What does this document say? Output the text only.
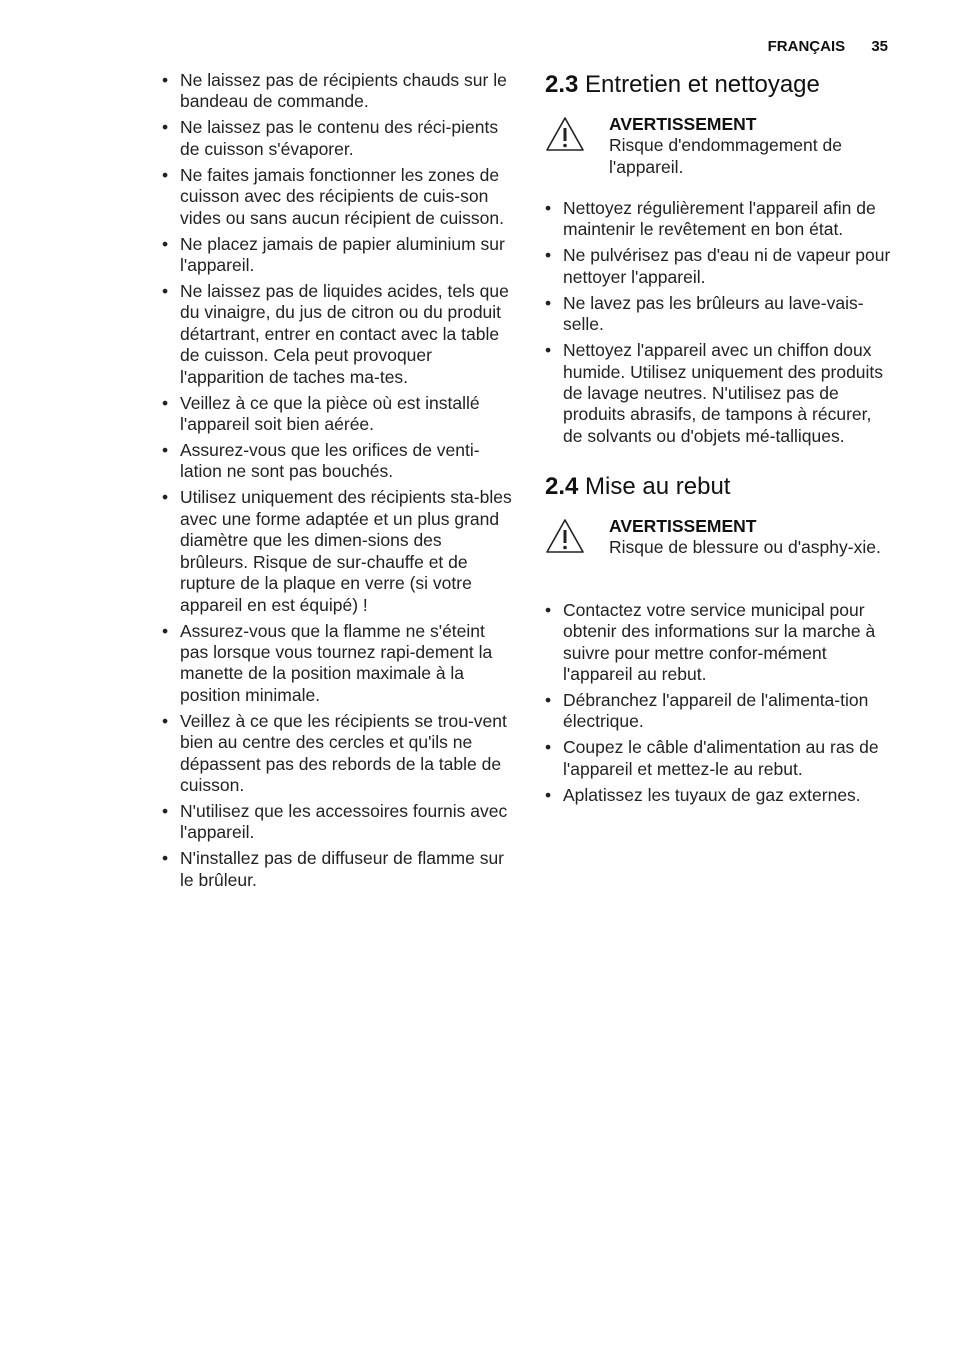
FRANÇAIS 35
• Ne laissez pas de récipients chauds sur le bandeau de commande.
• Ne laissez pas le contenu des réci-pients de cuisson s'évaporer.
• Ne faites jamais fonctionner les zones de cuisson avec des récipients de cuis-son vides ou sans aucun récipient de cuisson.
• Ne placez jamais de papier aluminium sur l'appareil.
• Ne laissez pas de liquides acides, tels que du vinaigre, du jus de citron ou du produit détartrant, entrer en contact avec la table de cuisson. Cela peut provoquer l'apparition de taches ma-tes.
• Veillez à ce que la pièce où est installé l'appareil soit bien aérée.
• Assurez-vous que les orifices de venti-lation ne sont pas bouchés.
• Utilisez uniquement des récipients sta-bles avec une forme adaptée et un plus grand diamètre que les dimen-sions des brûleurs. Risque de sur-chauffe et de rupture de la plaque en verre (si votre appareil en est équipé) !
• Assurez-vous que la flamme ne s'éteint pas lorsque vous tournez rapi-dement la manette de la position maximale à la position minimale.
• Veillez à ce que les récipients se trou-vent bien au centre des cercles et qu'ils ne dépassent pas des rebords de la table de cuisson.
• N'utilisez que les accessoires fournis avec l'appareil.
• N'installez pas de diffuseur de flamme sur le brûleur.
2.3 Entretien et nettoyage
AVERTISSEMENT
Risque d'endommagement de l'appareil.
• Nettoyez régulièrement l'appareil afin de maintenir le revêtement en bon état.
• Ne pulvérisez pas d'eau ni de vapeur pour nettoyer l'appareil.
• Ne lavez pas les brûleurs au lave-vais-selle.
• Nettoyez l'appareil avec un chiffon doux humide. Utilisez uniquement des produits de lavage neutres. N'utilisez pas de produits abrasifs, de tampons à récurer, de solvants ou d'objets mé-talliques.
2.4 Mise au rebut
AVERTISSEMENT
Risque de blessure ou d'asphy-xie.
• Contactez votre service municipal pour obtenir des informations sur la marche à suivre pour mettre confor-mément l'appareil au rebut.
• Débranchez l'appareil de l'alimenta-tion électrique.
• Coupez le câble d'alimentation au ras de l'appareil et mettez-le au rebut.
• Aplatissez les tuyaux de gaz externes.
